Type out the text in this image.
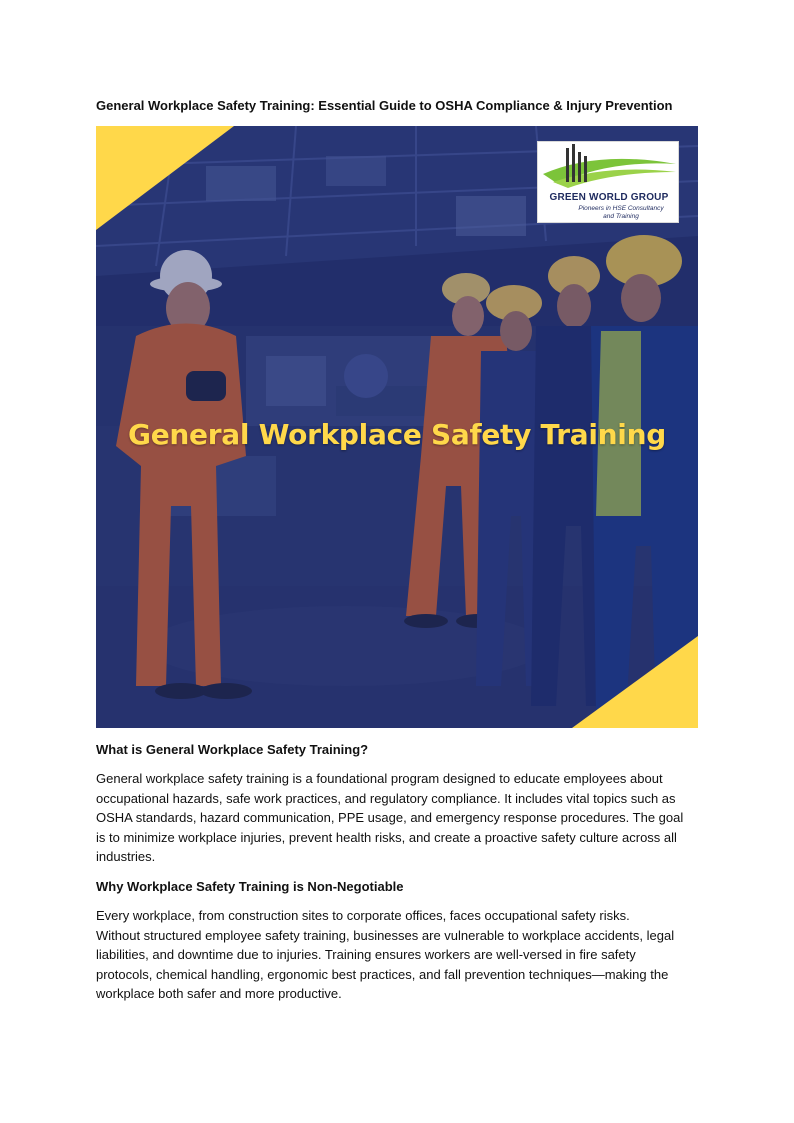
General Workplace Safety Training: Essential Guide to OSHA Compliance & Injury Prevention
GREEN WORLD GROUP
Pioneers in HSE Consultancy
and Training
General Workplace Safety Training
What is General Workplace Safety Training?
General workplace safety training is a foundational program designed to educate employees about
occupational hazards, safe work practices, and regulatory compliance. It includes vital topics such as
OSHA standards, hazard communication, PPE usage, and emergency response procedures. The goal
is to minimize workplace injuries, prevent health risks, and create a proactive safety culture across all
industries.
Why Workplace Safety Training is Non-Negotiable
Every workplace, from construction sites to corporate offices, faces occupational safety risks.
Without structured employee safety training, businesses are vulnerable to workplace accidents, legal
liabilities, and downtime due to injuries. Training ensures workers are well-versed in fire safety
protocols, chemical handling, ergonomic best practices, and fall prevention techniques—making the
workplace both safer and more productive.
